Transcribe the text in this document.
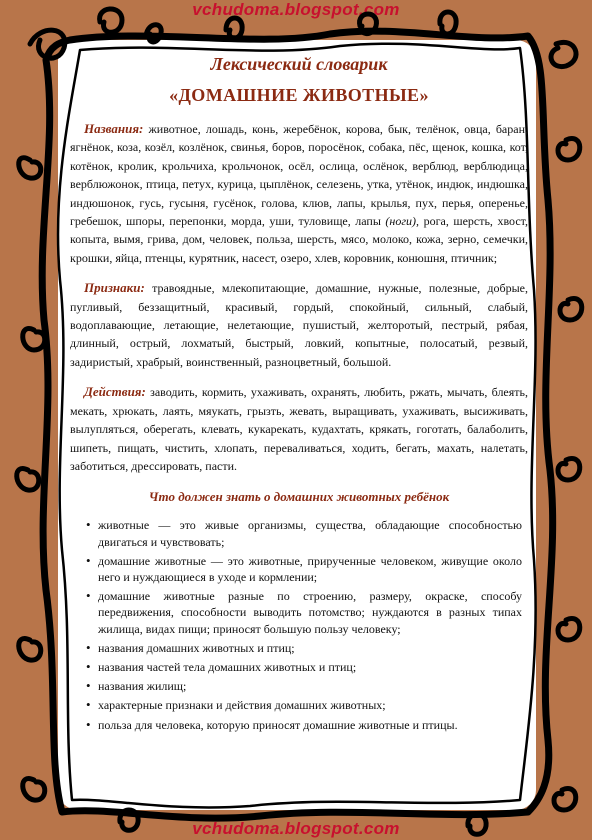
vchudoma.blogspot.com
Лексический словарик
«ДОМАШНИЕ ЖИВОТНЫЕ»
Названия: животное, лошадь, конь, жеребёнок, корова, бык, телёнок, овца, баран, ягнёнок, коза, козёл, козлёнок, свинья, боров, поросёнок, собака, пёс, щенок, кошка, кот, котёнок, кролик, крольчиха, крольчонок, осёл, ослица, ослёнок, верблюд, верблюдица, верблюжонок, птица, петух, курица, цыплёнок, селезень, утка, утёнок, индюк, индюшка, индюшонок, гусь, гусыня, гусёнок, голова, клюв, лапы, крылья, пух, перья, оперенье, гребешок, шпоры, перепонки, морда, уши, туловище, лапы (ноги), рога, шерсть, хвост, копыта, вымя, грива, дом, человек, польза, шерсть, мясо, молоко, кожа, зерно, семечки, крошки, яйца, птенцы, курятник, насест, озеро, хлев, коровник, конюшня, птичник;
Признаки: травоядные, млекопитающие, домашние, нужные, полезные, добрые, пугливый, беззащитный, красивый, гордый, спокойный, сильный, слабый, водоплавающие, летающие, нелетающие, пушистый, желторотый, пестрый, рябая, длинный, острый, лохматый, быстрый, ловкий, копытные, полосатый, резвый, задиристый, храбрый, воинственный, разноцветный, большой.
Действия: заводить, кормить, ухаживать, охранять, любить, ржать, мычать, блеять, мекать, хрюкать, лаять, мяукать, грызть, жевать, выращивать, ухаживать, высиживать, вылупляться, оберегать, клевать, кукарекать, кудахтать, крякать, гоготать, балаболить, шипеть, пищать, чистить, хлопать, переваливаться, ходить, бегать, махать, налетать, заботиться, дрессировать, пасти.
Что должен знать о домашних животных ребёнок
• животные — это живые организмы, существа, обладающие способностью двигаться и чувствовать;
• домашние животные — это животные, прирученные человеком, живущие около него и нуждающиеся в уходе и кормлении;
• домашние животные разные по строению, размеру, окраске, способу передвижения, способности выводить потомство; нуждаются в разных типах жилища, видах пищи; приносят большую пользу человеку;
• названия домашних животных и птиц;
• названия частей тела домашних животных и птиц;
• названия жилищ;
• характерные признаки и действия домашних животных;
• польза для человека, которую приносят домашние животные и птицы.
vchudoma.blogspot.com
